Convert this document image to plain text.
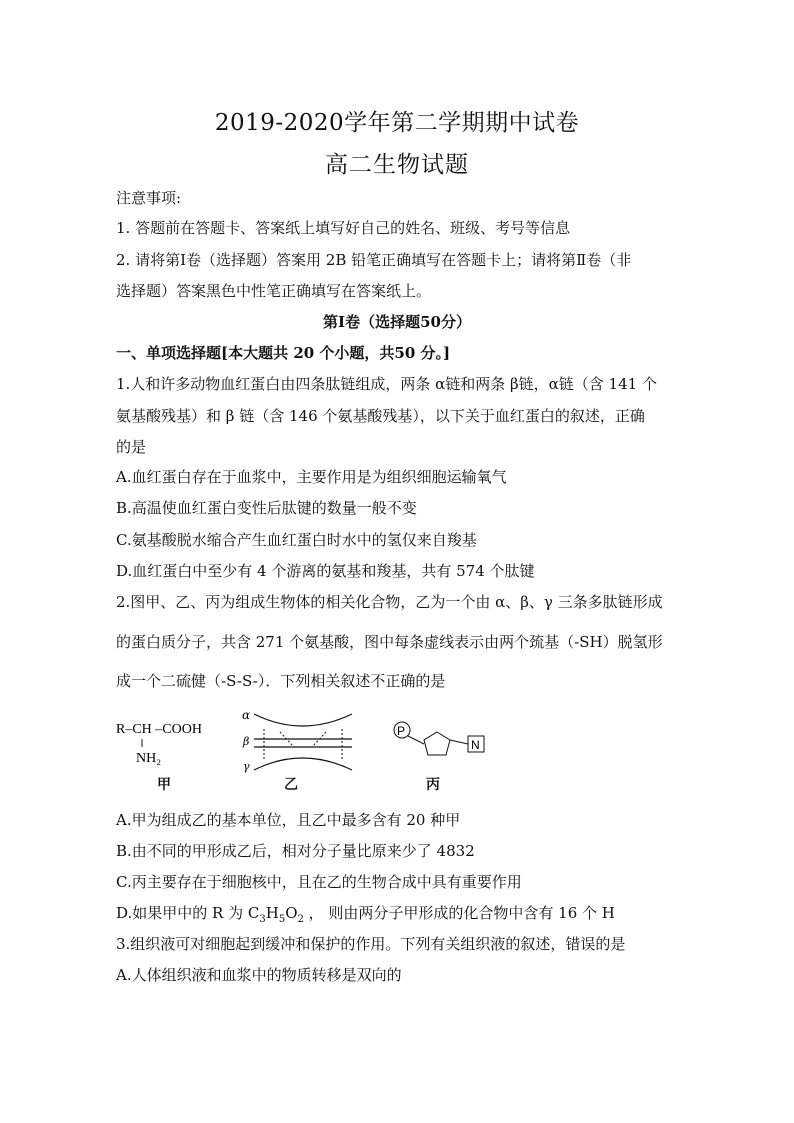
2019-2020学年第二学期期中试卷
高二生物试题
注意事项:
1. 答题前在答题卡、答案纸上填写好自己的姓名、班级、考号等信息
2. 请将第Ⅰ卷（选择题）答案用 2B 铅笔正确填写在答题卡上；请将第Ⅱ卷（非
选择题）答案黑色中性笔正确填写在答案纸上。
第Ⅰ卷（选择题50分）
一、单项选择题[本大题共 20 个小题，共50 分。]
1.人和许多动物血红蛋白由四条肽链组成，两条 α链和两条 β链，α链（含 141 个
氨基酸残基）和 β 链（含 146 个氨基酸残基），以下关于血红蛋白的叙述，正确
的是
A.血红蛋白存在于血浆中，主要作用是为组织细胞运输氧气
B.高温使血红蛋白变性后肽键的数量一般不变
C.氨基酸脱水缩合产生血红蛋白时水中的氢仅来自羧基
D.血红蛋白中至少有 4 个游离的氨基和羧基，共有 574 个肽键
2.图甲、乙、丙为组成生物体的相关化合物，乙为一个由 α、β、γ 三条多肽链形成
的蛋白质分子，共含 271 个氨基酸，图中每条虚线表示由两个巯基（-SH）脱氢形
成一个二硫健（-S-S-）．下列相关叙述不正确的是
R–CH –COOH
NH₂
α
β
γ
P
N
甲	乙	丙
A.甲为组成乙的基本单位，且乙中最多含有 20 种甲
B.由不同的甲形成乙后，相对分子量比原来少了 4832
C.丙主要存在于细胞核中，且在乙的生物合成中具有重要作用
D.如果甲中的 R 为 $C_3H_5O_2$ ， 则由两分子甲形成的化合物中含有 16 个 H
3.组织液可对细胞起到缓冲和保护的作用。下列有关组织液的叙述，错误的是
A.人体组织液和血浆中的物质转移是双向的
